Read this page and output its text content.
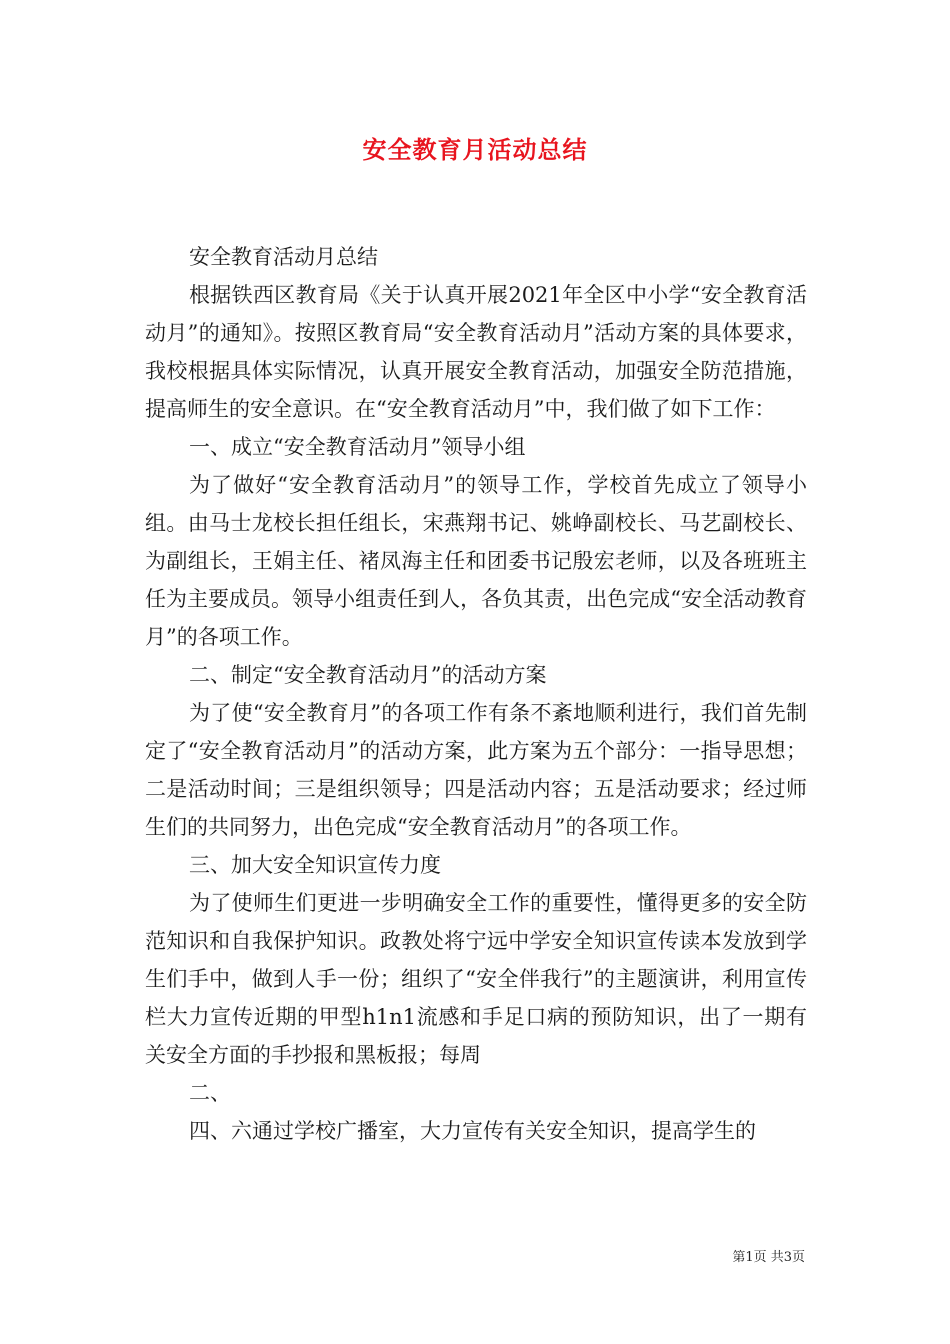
安全教育月活动总结

安全教育活动月总结

根据铁西区教育局《关于认真开展2021年全区中小学“安全教育活动月”的通知》。按照区教育局“安全教育活动月”活动方案的具体要求，我校根据具体实际情况，认真开展安全教育活动，加强安全防范措施，提高师生的安全意识。在“安全教育活动月”中，我们做了如下工作：

一、成立“安全教育活动月”领导小组

为了做好“安全教育活动月”的领导工作，学校首先成立了领导小组。由马士龙校长担任组长，宋燕翔书记、姚峥副校长、马艺副校长、为副组长，王娟主任、褚凤海主任和团委书记殷宏老师，以及各班班主任为主要成员。领导小组责任到人，各负其责，出色完成“安全活动教育月”的各项工作。

二、制定“安全教育活动月”的活动方案

为了使“安全教育月”的各项工作有条不紊地顺利进行，我们首先制定了“安全教育活动月”的活动方案，此方案为五个部分：一指导思想；二是活动时间；三是组织领导；四是活动内容；五是活动要求；经过师生们的共同努力，出色完成“安全教育活动月”的各项工作。

三、加大安全知识宣传力度

为了使师生们更进一步明确安全工作的重要性，懂得更多的安全防范知识和自我保护知识。政教处将宁远中学安全知识宣传读本发放到学生们手中，做到人手一份；组织了“安全伴我行”的主题演讲，利用宣传栏大力宣传近期的甲型h1n1流感和手足口病的预防知识，出了一期有关安全方面的手抄报和黑板报；每周

二、

四、六通过学校广播室，大力宣传有关安全知识，提高学生的

第1页 共3页
